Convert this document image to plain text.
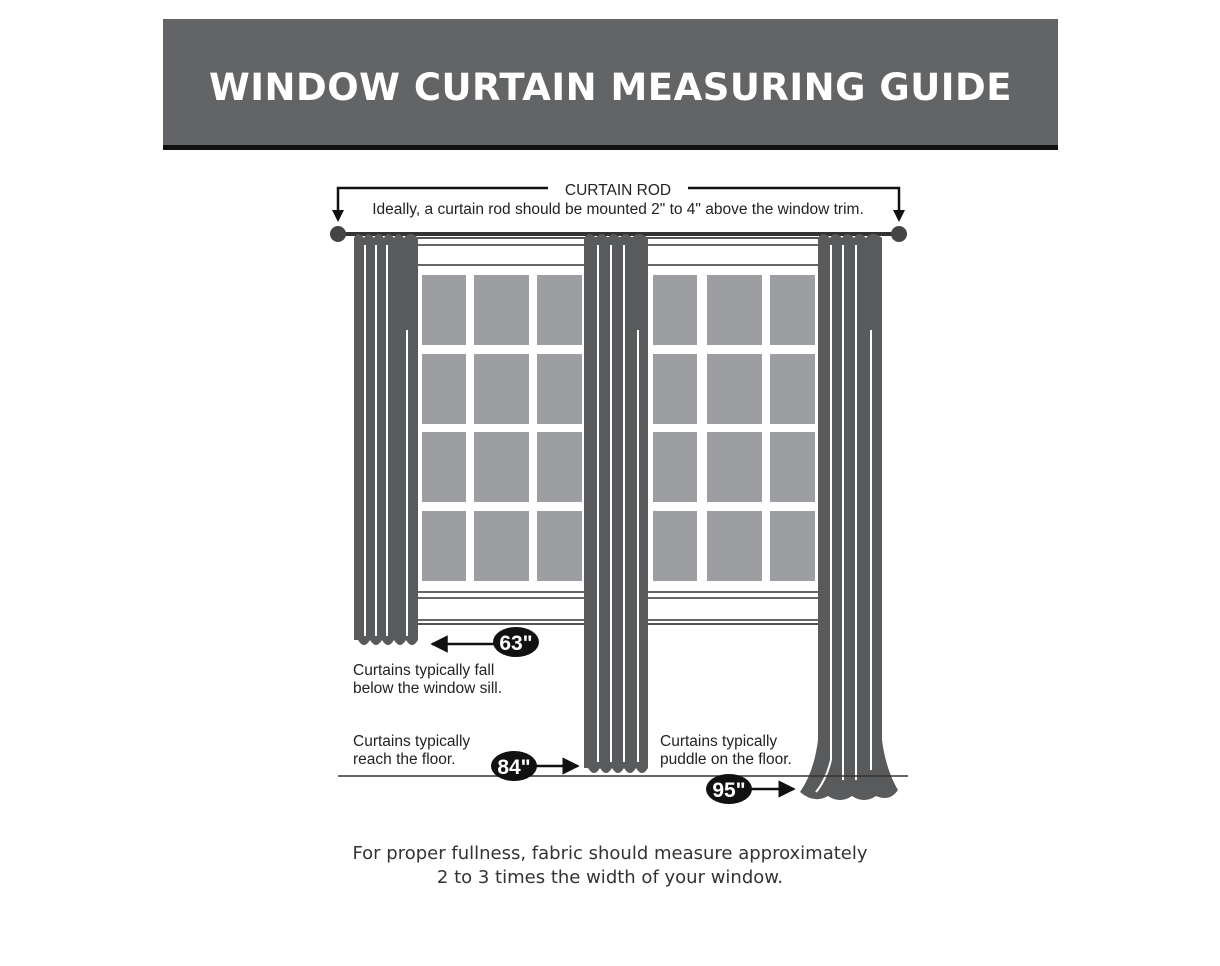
WINDOW CURTAIN MEASURING GUIDE
CURTAIN ROD
Ideally, a curtain rod should be mounted 2" to 4" above the window trim.
63"
Curtains typically fall
below the window sill.
Curtains typically
reach the floor. 84"
Curtains typically
puddle on the floor.
95"
For proper fullness, fabric should measure approximately
2 to 3 times the width of your window.
